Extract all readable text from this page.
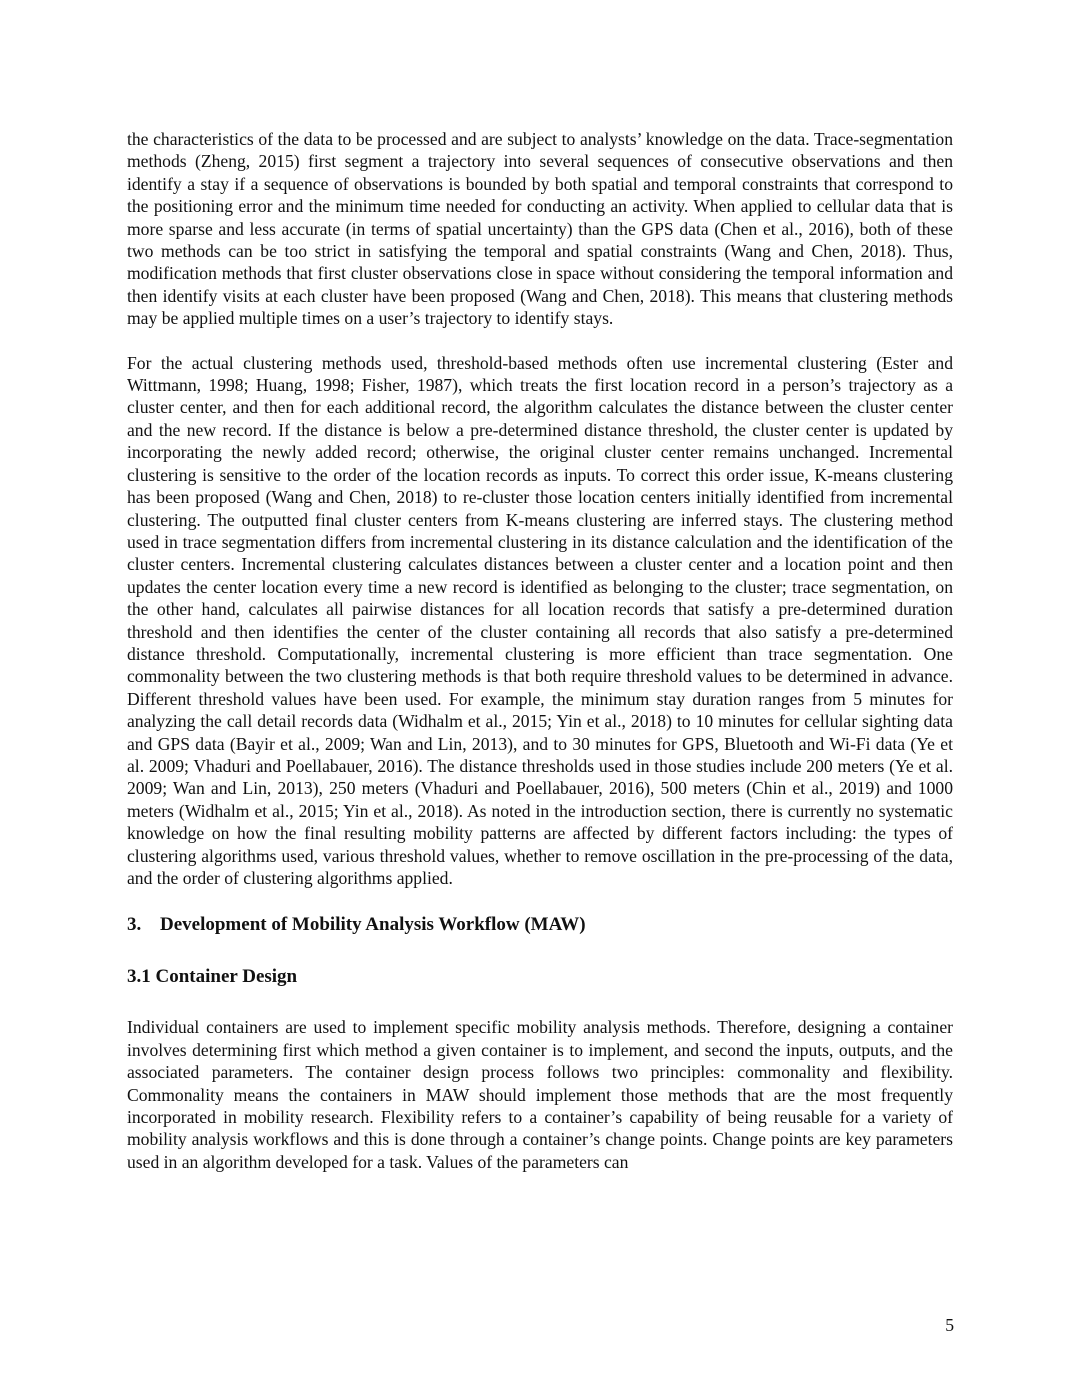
the characteristics of the data to be processed and are subject to analysts’ knowledge on the data. Trace-segmentation methods (Zheng, 2015) first segment a trajectory into several sequences of consecutive observations and then identify a stay if a sequence of observations is bounded by both spatial and temporal constraints that correspond to the positioning error and the minimum time needed for conducting an activity. When applied to cellular data that is more sparse and less accurate (in terms of spatial uncertainty) than the GPS data (Chen et al., 2016), both of these two methods can be too strict in satisfying the temporal and spatial constraints (Wang and Chen, 2018). Thus, modification methods that first cluster observations close in space without considering the temporal information and then identify visits at each cluster have been proposed (Wang and Chen, 2018). This means that clustering methods may be applied multiple times on a user’s trajectory to identify stays.

For the actual clustering methods used, threshold-based methods often use incremental clustering (Ester and Wittmann, 1998; Huang, 1998; Fisher, 1987), which treats the first location record in a person’s trajectory as a cluster center, and then for each additional record, the algorithm calculates the distance between the cluster center and the new record. If the distance is below a pre-determined distance threshold, the cluster center is updated by incorporating the newly added record; otherwise, the original cluster center remains unchanged. Incremental clustering is sensitive to the order of the location records as inputs. To correct this order issue, K-means clustering has been proposed (Wang and Chen, 2018) to re-cluster those location centers initially identified from incremental clustering. The outputted final cluster centers from K-means clustering are inferred stays. The clustering method used in trace segmentation differs from incremental clustering in its distance calculation and the identification of the cluster centers. Incremental clustering calculates distances between a cluster center and a location point and then updates the center location every time a new record is identified as belonging to the cluster; trace segmentation, on the other hand, calculates all pairwise distances for all location records that satisfy a pre-determined duration threshold and then identifies the center of the cluster containing all records that also satisfy a pre-determined distance threshold. Computationally, incremental clustering is more efficient than trace segmentation. One commonality between the two clustering methods is that both require threshold values to be determined in advance. Different threshold values have been used. For example, the minimum stay duration ranges from 5 minutes for analyzing the call detail records data (Widhalm et al., 2015; Yin et al., 2018) to 10 minutes for cellular sighting data and GPS data (Bayir et al., 2009; Wan and Lin, 2013), and to 30 minutes for GPS, Bluetooth and Wi-Fi data (Ye et al. 2009; Vhaduri and Poellabauer, 2016). The distance thresholds used in those studies include 200 meters (Ye et al. 2009; Wan and Lin, 2013), 250 meters (Vhaduri and Poellabauer, 2016), 500 meters (Chin et al., 2019) and 1000 meters (Widhalm et al., 2015; Yin et al., 2018). As noted in the introduction section, there is currently no systematic knowledge on how the final resulting mobility patterns are affected by different factors including: the types of clustering algorithms used, various threshold values, whether to remove oscillation in the pre-processing of the data, and the order of clustering algorithms applied.

3. Development of Mobility Analysis Workflow (MAW)
3.1 Container Design

Individual containers are used to implement specific mobility analysis methods. Therefore, designing a container involves determining first which method a given container is to implement, and second the inputs, outputs, and the associated parameters. The container design process follows two principles: commonality and flexibility. Commonality means the containers in MAW should implement those methods that are the most frequently incorporated in mobility research. Flexibility refers to a container’s capability of being reusable for a variety of mobility analysis workflows and this is done through a container’s change points. Change points are key parameters used in an algorithm developed for a task. Values of the parameters can

5
